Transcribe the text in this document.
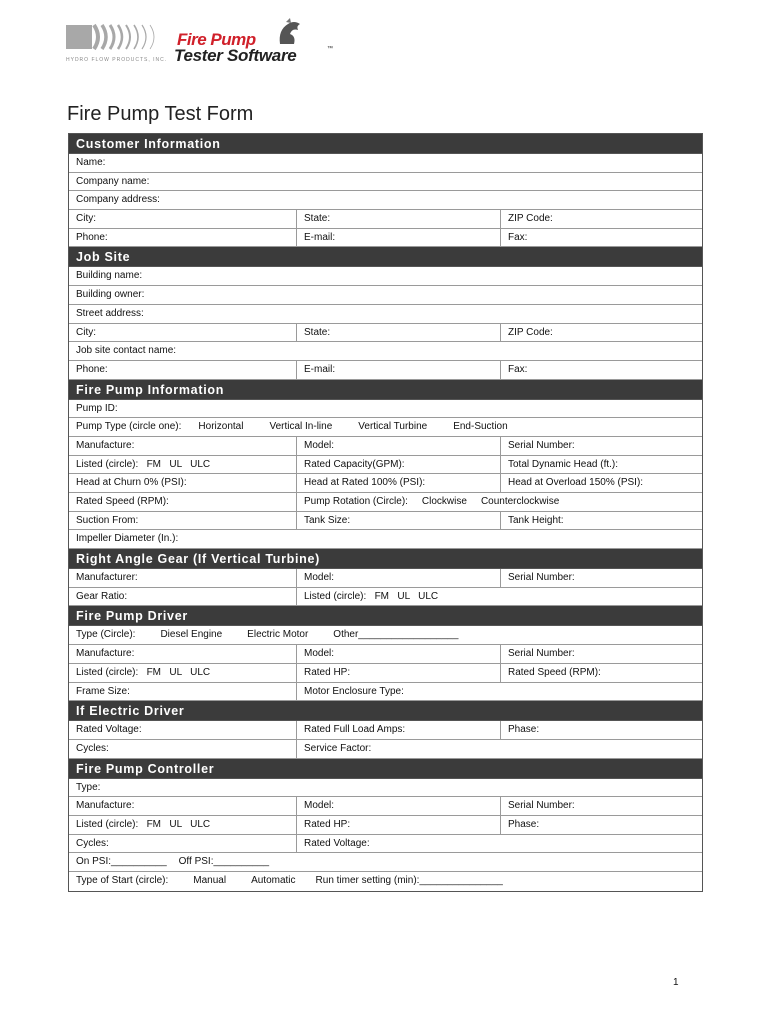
HYDRO FLOW PRODUCTS, INC.
Fire Pump
Tester Software	™
Fire Pump Test Form
Customer Information
Name:
Company name:
Company address:
City:	State:	ZIP Code:
Phone:	E-mail:	Fax:
Job Site
Building name:
Building owner:
Street address:
City:	State:	ZIP Code:
Job site contact name:
Phone:	E-mail:	Fax:
Fire Pump Information
Pump ID:
Pump Type (circle one): Horizontal	Vertical In-line	Vertical Turbine	End-Suction
Manufacture:	Model:	Serial Number:
Listed (circle):   FM   UL   ULC	Rated Capacity(GPM):	Total Dynamic Head (ft.):
Head at Churn 0% (PSI):	Head at Rated 100% (PSI):	Head at Overload 150% (PSI):
Rated Speed (RPM):	Pump Rotation (Circle): Clockwise Counterclockwise
Suction From:	Tank Size:	Tank Height:
Impeller Diameter (In.):
Right Angle Gear (If Vertical Turbine)
Manufacturer:	Model:	Serial Number:
Gear Ratio:	Listed (circle):   FM   UL   ULC
Fire Pump Driver
Type (Circle):	Diesel Engine	Electric Motor	Other__________________
Manufacture:	Model:	Serial Number:
Listed (circle):   FM   UL   ULC	Rated HP:	Rated Speed (RPM):
Frame Size:	Motor Enclosure Type:
If Electric Driver
Rated Voltage:	Rated Full Load Amps:	Phase:
Cycles:	Service Factor:
Fire Pump Controller
Type:
Manufacture:	Model:	Serial Number:
Listed (circle):   FM   UL   ULC	Rated HP:	Phase:
Cycles:	Rated Voltage:
On PSI:__________ Off PSI:__________
Type of Start (circle):	Manual	Automatic Run timer setting (min):_______________
1
